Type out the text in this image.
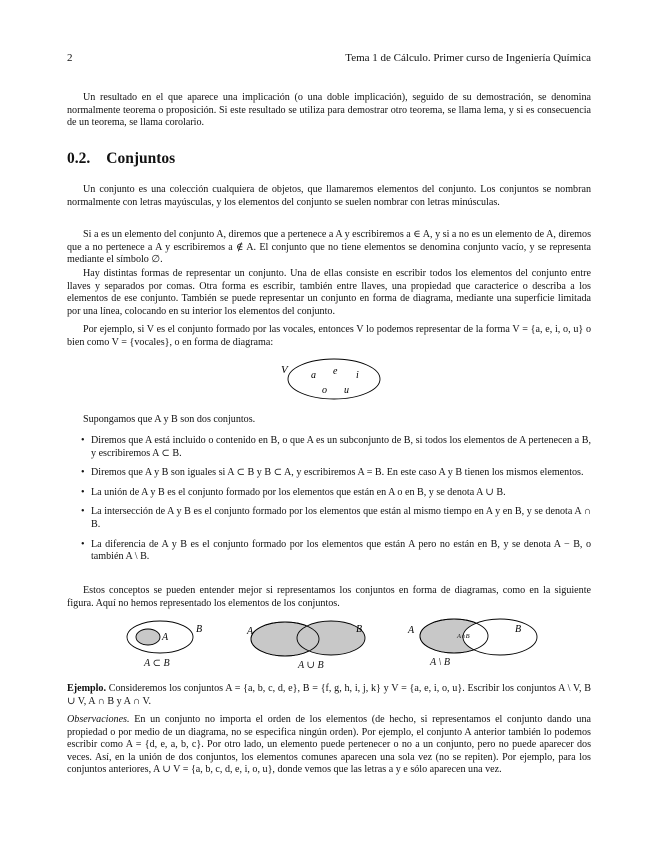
2	Tema 1 de Cálculo. Primer curso de Ingeniería Química
Un resultado en el que aparece una implicación (o una doble implicación), seguido de su demostración, se denomina normalmente teorema o proposición. Si este resultado se utiliza para demostrar otro teorema, se llama lema, y si es consecuencia de un teorema, se llama corolario.
0.2. Conjuntos
Un conjunto es una colección cualquiera de objetos, que llamaremos elementos del conjunto. Los conjuntos se nombran normalmente con letras mayúsculas, y los elementos del conjunto se suelen nombrar con letras minúsculas.
Si a es un elemento del conjunto A, diremos que a pertenece a A y escribiremos a ∈ A, y si a no es un elemento de A, diremos que a no pertenece a A y escribiremos a ∉ A. El conjunto que no tiene elementos se denomina conjunto vacío, y se representa mediante el símbolo ∅.
Hay distintas formas de representar un conjunto. Una de ellas consiste en escribir todos los elementos del conjunto entre llaves y separados por comas. Otra forma es escribir, también entre llaves, una propiedad que caracterice o describa a los elementos de ese conjunto. También se puede representar un conjunto en forma de diagrama, mediante una superficie limitada por una línea, colocando en su interior los elementos del conjunto.
Por ejemplo, si V es el conjunto formado por las vocales, entonces V lo podemos representar de la forma V = {a, e, i, o, u} o bien como V = {vocales}, o en forma de diagrama:
V a e i
o u
Supongamos que A y B son dos conjuntos.
• Diremos que A está incluido o contenido en B, o que A es un subconjunto de B, si todos los elementos de A pertenecen a B, y escribiremos A ⊂ B.
• Diremos que A y B son iguales si A ⊂ B y B ⊂ A, y escribiremos A = B. En este caso A y B tienen los mismos elementos.
• La unión de A y B es el conjunto formado por los elementos que están en A o en B, y se denota A ∪ B.
• La intersección de A y B es el conjunto formado por los elementos que están al mismo tiempo en A y en B, y se denota A ∩ B.
• La diferencia de A y B es el conjunto formado por los elementos que están A pero no están en B, y se denota A − B, o también A \ B.
Estos conceptos se pueden entender mejor si representamos los conjuntos en forma de diagramas, como en la siguiente figura. Aquí no hemos representado los elementos de los conjuntos.
A
B	A	B	A	B
A∩B
A ⊂ B	A ∪ B	A \ B
Ejemplo. Consideremos los conjuntos A = {a, b, c, d, e}, B = {f, g, h, i, j, k} y V = {a, e, i, o, u}. Escribir los conjuntos A \ V, B ∪ V, A ∩ B y A ∩ V.
Observaciones. En un conjunto no importa el orden de los elementos (de hecho, si representamos el conjunto dando una propiedad o por medio de un diagrama, no se especifica ningún orden). Por ejemplo, el conjunto A anterior también lo podemos escribir como A = {d, e, a, b, c}. Por otro lado, un elemento puede pertenecer o no a un conjunto, pero no puede aparecer dos veces. Así, en la unión de dos conjuntos, los elementos comunes aparecen una sola vez (no se repiten). Por ejemplo, para los conjuntos anteriores, A ∪ V = {a, b, c, d, e, i, o, u}, donde vemos que las letras a y e sólo aparecen una vez.
